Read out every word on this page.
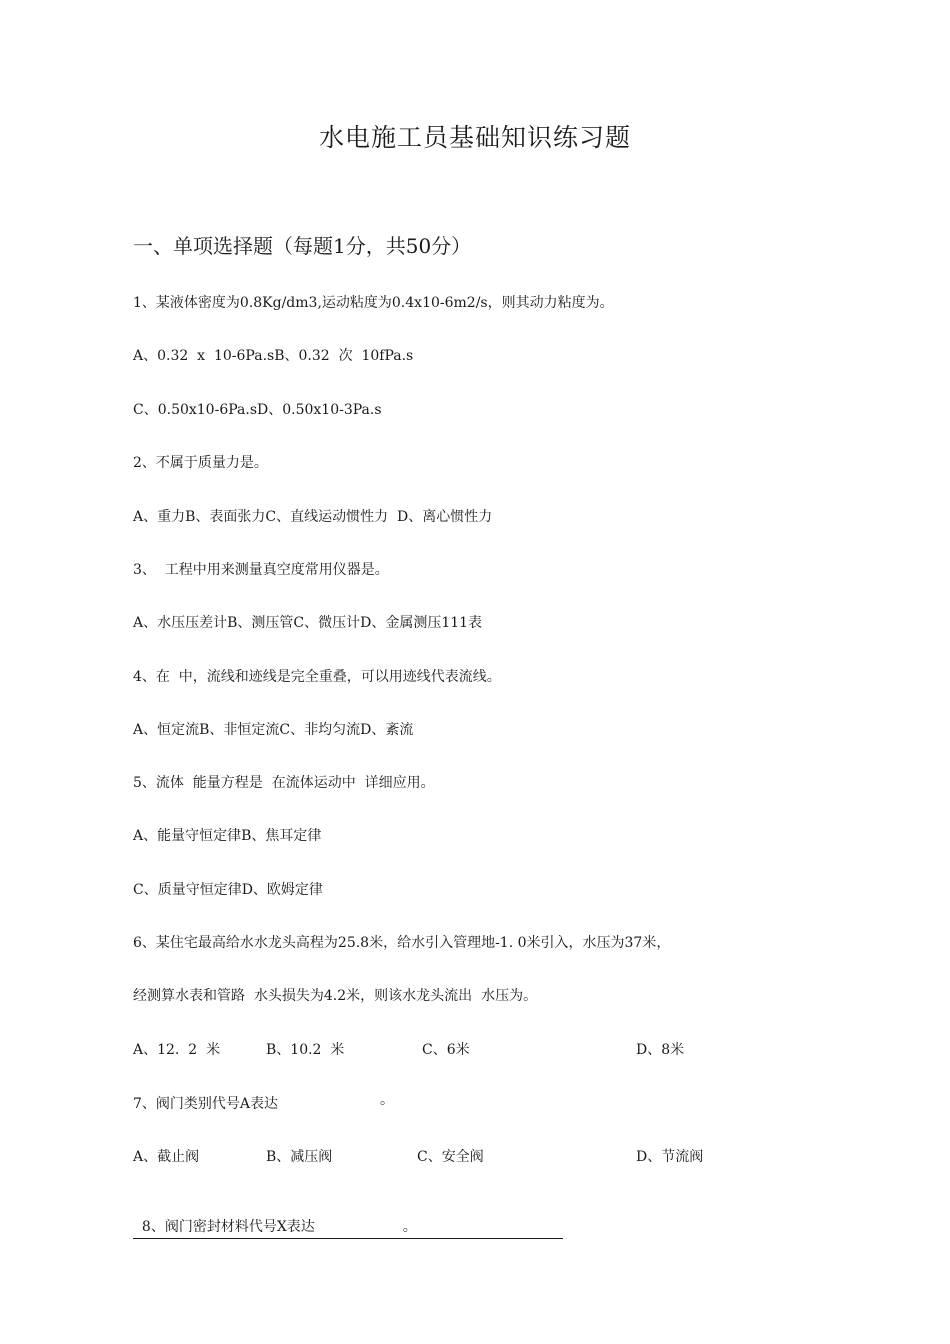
水电施工员基础知识练习题
一、单项选择题（每题1分，共50分）
1、某液体密度为0.8Kg/dm3,运动粘度为0.4x10-6m2/s，则其动力粘度为。
A、0.32  x  10-6Pa.sB、0.32  次  10fPa.s
C、0.50x10-6Pa.sD、0.50x10-3Pa.s
2、不属于质量力是。
A、重力B、表面张力C、直线运动惯性力  D、离心惯性力
3、  工程中用来测量真空度常用仪器是。
A、水压压差计B、测压管C、微压计D、金属测压111表
4、在  中，流线和迹线是完全重叠，可以用迹线代表流线。
A、恒定流B、非恒定流C、非均匀流D、紊流
5、流体  能量方程是  在流体运动中  详细应用。
A、能量守恒定律B、焦耳定律
C、质量守恒定律D、欧姆定律
6、某住宅最高给水水龙头高程为25.8米，给水引入管理地-1. 0米引入，水压为37米，
经测算水表和管路  水头损失为4.2米，则该水龙头流出  水压为。
A、12.  2  米	B、10.2  米	C、6米	D、8米
7、阀门类别代号A表达	。
A、截止阀	B、减压阀	C、安全阀	D、节流阀

8、阀门密封材料代号X表达	。
